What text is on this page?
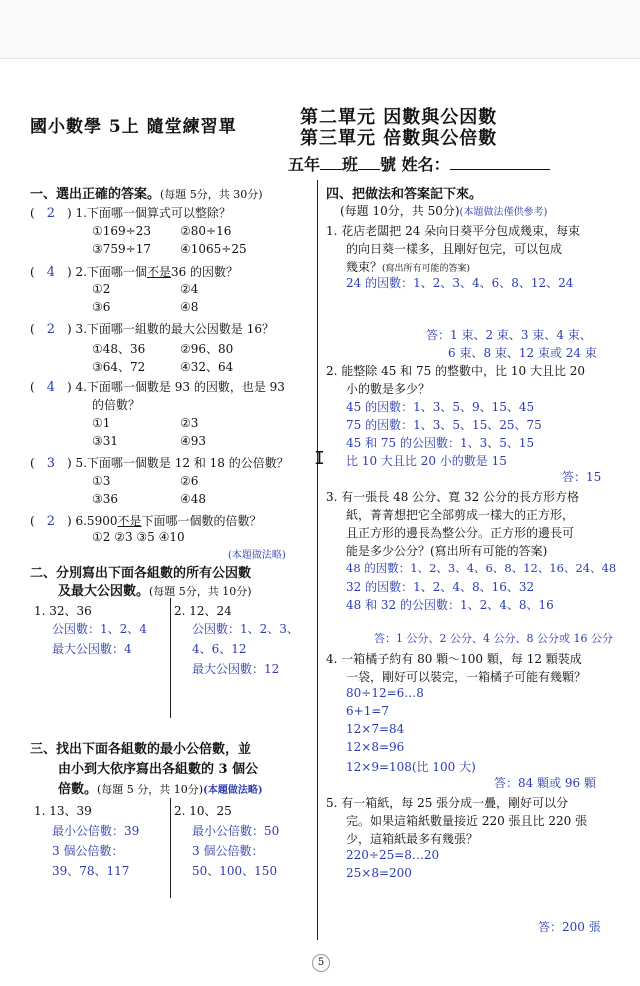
國小數學 5上 隨堂練習單	第二單元 因數與公因數
第三單元 倍數與公倍數
五年 班 號 姓名：
I
一、選出正確的答案。(每題 5分，共 30分)
(　2　 ) 1.下面哪一個算式可以整除？
①169÷23 ②80÷16
③759÷17 ④1065÷25
(　4　 ) 2.下面哪一個不是36 的因數？
①2	②4
③6	④8
(　2　 ) 3.下面哪一組數的最大公因數是 16？
①48、36	②96、80
③64、72	④32、64
(　4　 ) 4.下面哪一個數是 93 的因數，也是 93
的倍數？
①1	②3
③31	④93
(　3　 ) 5.下面哪一個數是 12 和 18 的公倍數？
①3	②6
③36	④48
(　2　 ) 6.5900不是下面哪一個數的倍數？
①2 ②3 ③5 ④10
(本題做法略)
二、分別寫出下面各組數的所有公因數
及最大公因數。(每題 5分，共 10分)
1. 32、36
公因數：1、2、4
最大公因數：4
2. 12、24
公因數：1、2、3、
4、6、12
最大公因數：12
三、找出下面各組數的最小公倍數，並
由小到大依序寫出各組數的 3 個公
倍數。(每題 5 分，共 10分)(本題做法略)
1. 13、39
最小公倍數：39
3 個公倍數：
39、78、117
2. 10、25
最小公倍數：50
3 個公倍數：
50、100、150
四、把做法和答案記下來。
(每題 10分，共 50分)(本題做法僅供參考)
1. 花店老闆把 24 朵向日葵平分包成幾束，每束
的向日葵一樣多，且剛好包完，可以包成
幾束？(寫出所有可能的答案)
24 的因數：1、2、3、4、6、8、12、24
答：1 束、2 束、3 束、4 束、
6 束、8 束、12 束或 24 束
2. 能整除 45 和 75 的整數中，比 10 大且比 20
小的數是多少？
45 的因數：1、3、5、9、15、45
75 的因數：1、3、5、15、25、75
45 和 75 的公因數：1、3、5、15
比 10 大且比 20 小的數是 15
答：15
3. 有一張長 48 公分、寬 32 公分的長方形方格
紙，菁菁想把它全部剪成一樣大的正方形，
且正方形的邊長為整公分。正方形的邊長可
能是多少公分？(寫出所有可能的答案)
48 的因數：1、2、3、4、6、8、12、16、24、48
32 的因數：1、2、4、8、16、32
48 和 32 的公因數：1、2、4、8、16
答：1 公分、2 公分、4 公分、8 公分或 16 公分
4. 一箱橘子約有 80 顆～100 顆，每 12 顆裝成
一袋，剛好可以裝完，一箱橘子可能有幾顆？
80÷12=6…8
6+1=7
12×7=84
12×8=96
12×9=108(比 100 大)
答：84 顆或 96 顆
5. 有一箱紙，每 25 張分成一疊，剛好可以分
完。如果這箱紙數量接近 220 張且比 220 張
少，這箱紙最多有幾張？
220÷25=8…20
25×8=200
答：200 張
5
